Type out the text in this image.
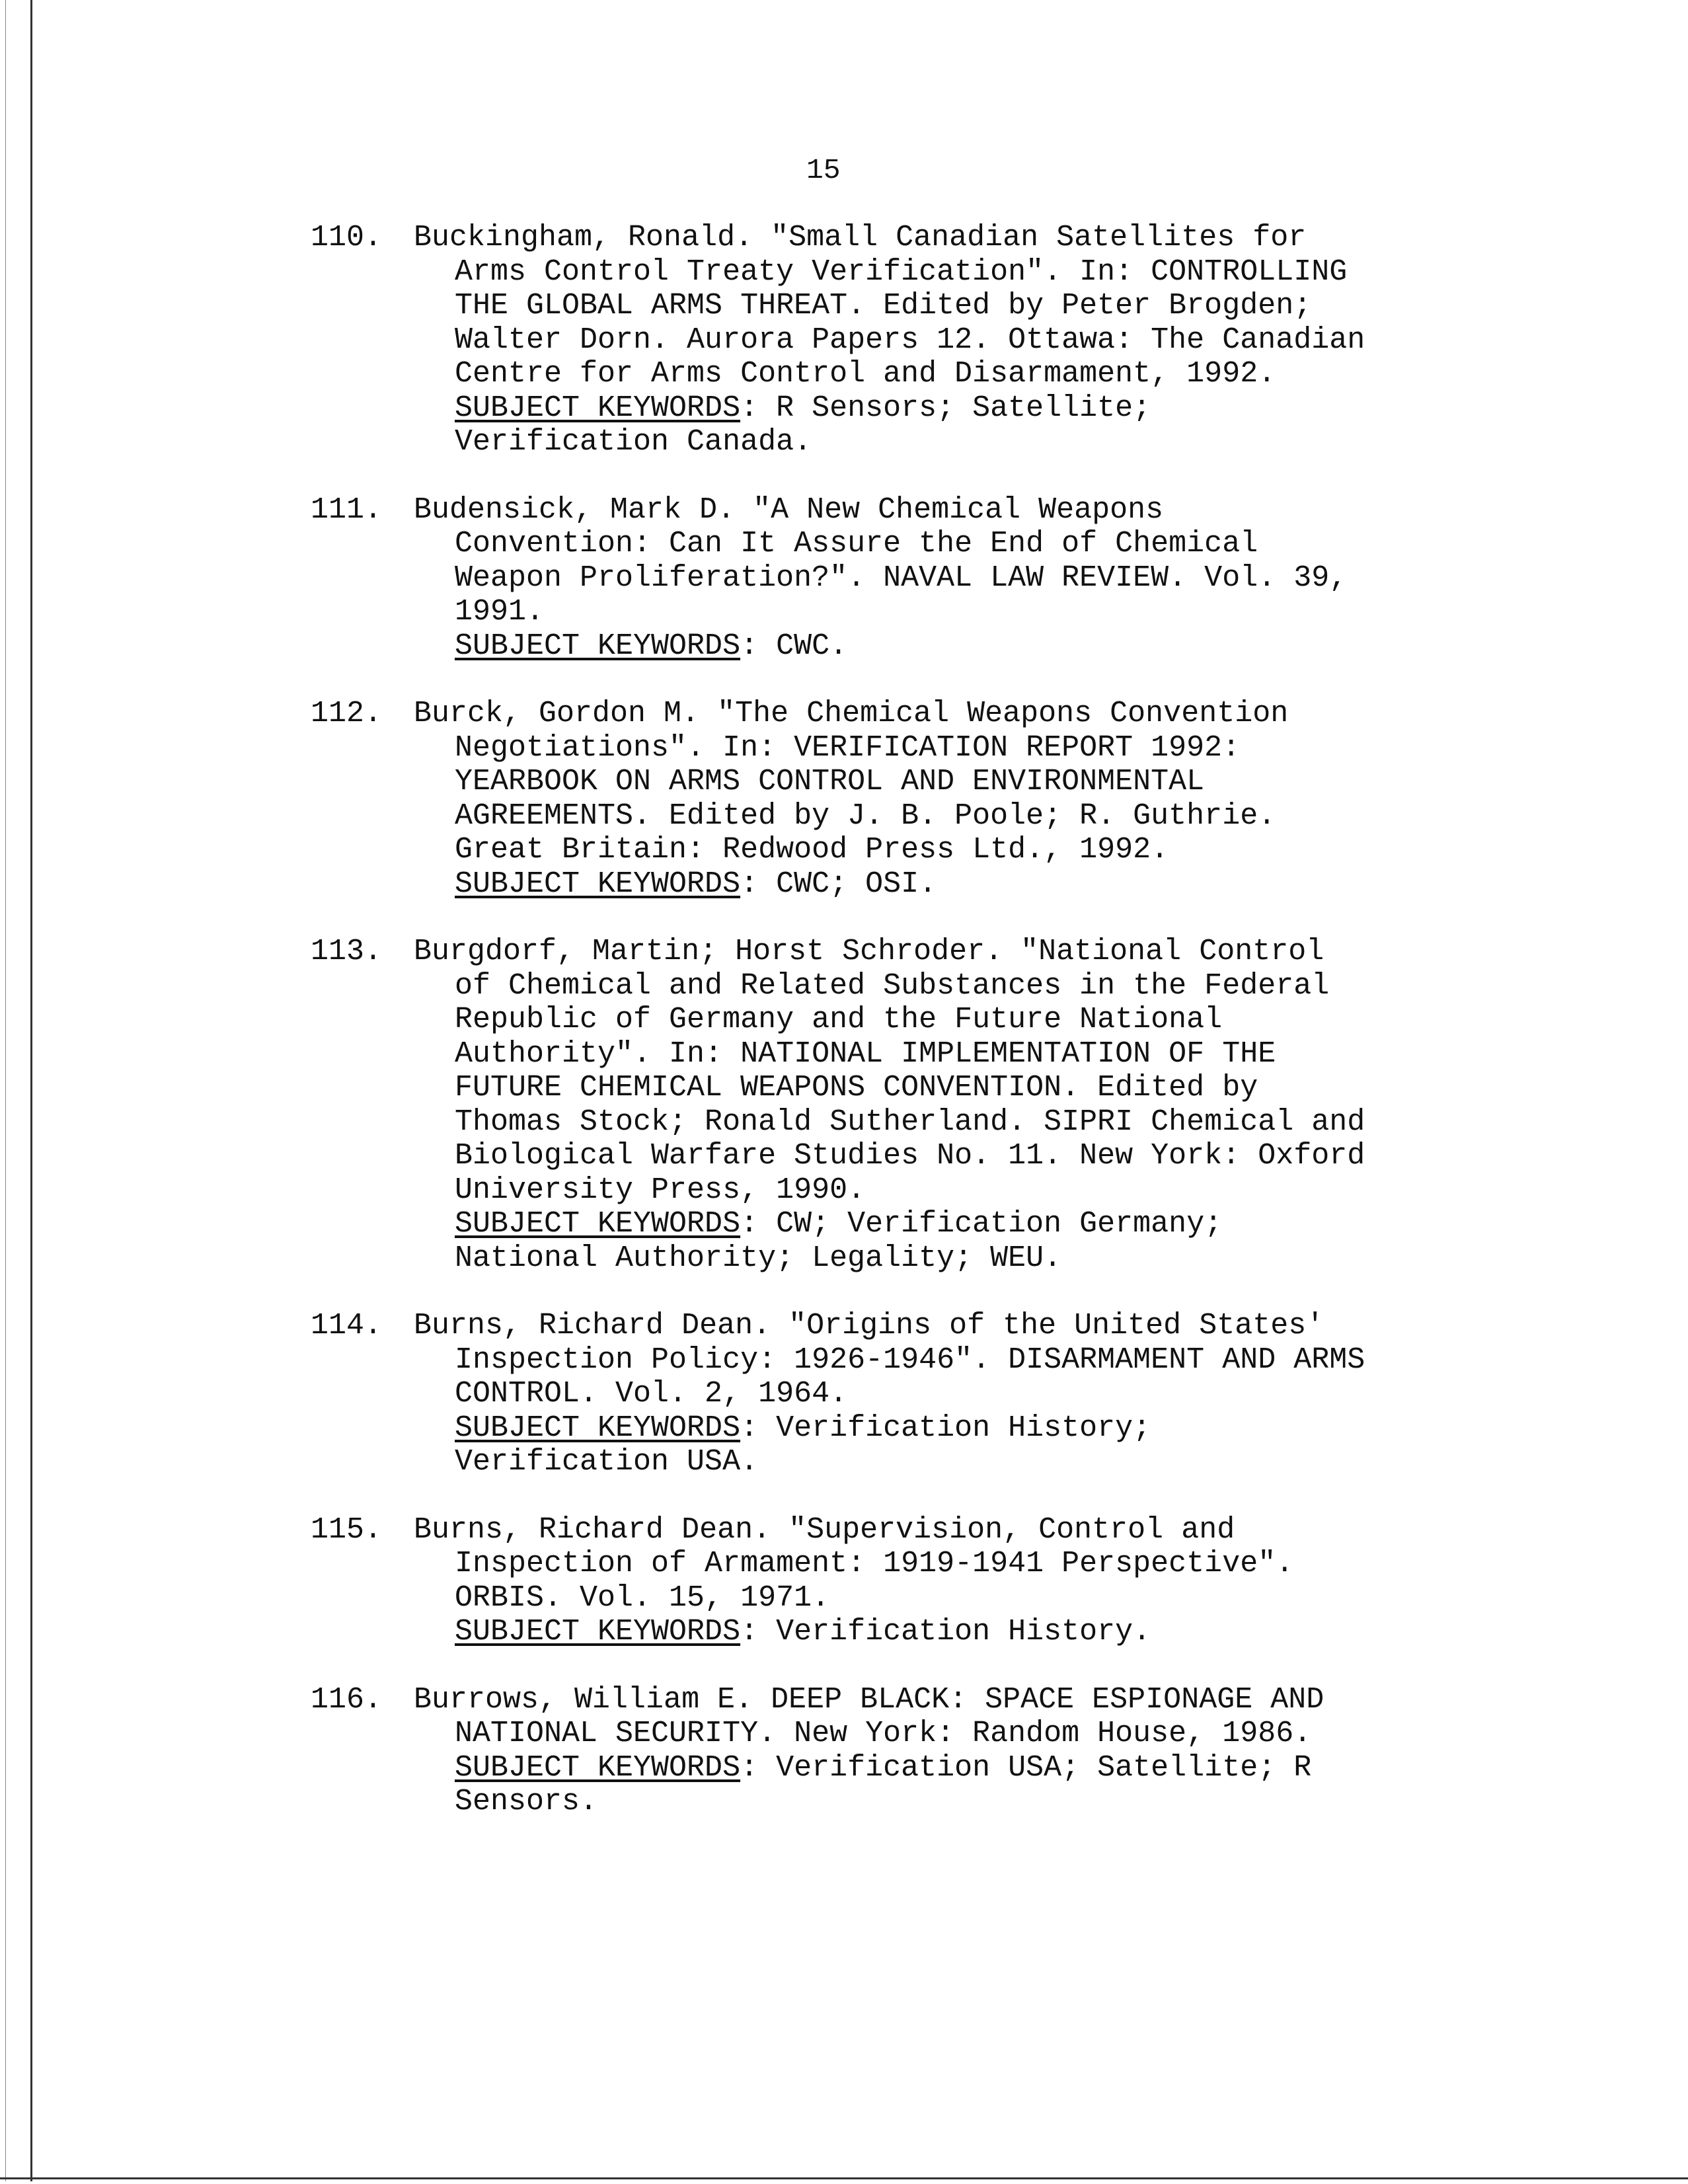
15
110.	Buckingham, Ronald. "Small Canadian Satellites for
Arms Control Treaty Verification". In: CONTROLLING
THE GLOBAL ARMS THREAT. Edited by Peter Brogden;
Walter Dorn. Aurora Papers 12. Ottawa: The Canadian
Centre for Arms Control and Disarmament, 1992.
SUBJECT KEYWORDS: R Sensors; Satellite;
Verification Canada.
111.	Budensick, Mark D. "A New Chemical Weapons
Convention: Can It Assure the End of Chemical
Weapon Proliferation?". NAVAL LAW REVIEW. Vol. 39,
1991.
SUBJECT KEYWORDS: CWC.
112.	Burck, Gordon M. "The Chemical Weapons Convention
Negotiations". In: VERIFICATION REPORT 1992:
YEARBOOK ON ARMS CONTROL AND ENVIRONMENTAL
AGREEMENTS. Edited by J. B. Poole; R. Guthrie.
Great Britain: Redwood Press Ltd., 1992.
SUBJECT KEYWORDS: CWC; OSI.
113.	Burgdorf, Martin; Horst Schroder. "National Control
of Chemical and Related Substances in the Federal
Republic of Germany and the Future National
Authority". In: NATIONAL IMPLEMENTATION OF THE
FUTURE CHEMICAL WEAPONS CONVENTION. Edited by
Thomas Stock; Ronald Sutherland. SIPRI Chemical and
Biological Warfare Studies No. 11. New York: Oxford
University Press, 1990.
SUBJECT KEYWORDS: CW; Verification Germany;
National Authority; Legality; WEU.
114.	Burns, Richard Dean. "Origins of the United States'
Inspection Policy: 1926-1946". DISARMAMENT AND ARMS
CONTROL. Vol. 2, 1964.
SUBJECT KEYWORDS: Verification History;
Verification USA.
115.	Burns, Richard Dean. "Supervision, Control and
Inspection of Armament: 1919-1941 Perspective".
ORBIS. Vol. 15, 1971.
SUBJECT KEYWORDS: Verification History.
116.	Burrows, William E. DEEP BLACK: SPACE ESPIONAGE AND
NATIONAL SECURITY. New York: Random House, 1986.
SUBJECT KEYWORDS: Verification USA; Satellite; R
Sensors.
